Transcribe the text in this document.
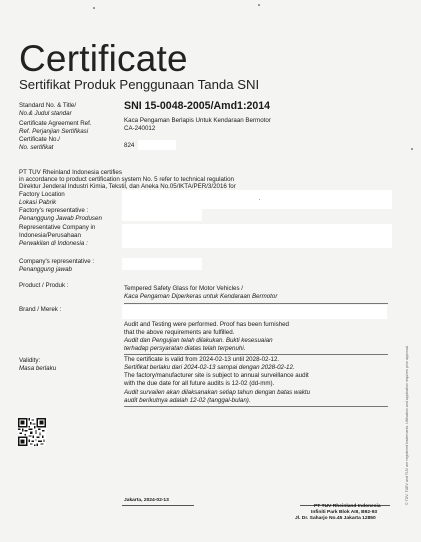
Certificate
Sertifikat Produk Penggunaan Tanda SNI
Standard No. & Title/
No.& Judul standar
SNI 15-0048-2005/Amd1:2014
Kaca Pengaman Berlapis Untuk Kendaraan Bermotor
Certificate Agreement Ref.
Ref. Perjanjian Sertifikasi	CA-240012
Certificate No./
No. sertifikat	824
PT TUV Rheinland Indonesia certifies
in accordance to product certification system No. 5 refer to technical regulation
Direktur Jenderal Industri Kimia, Tekstil, dan Aneka No.05/IKTA/PER/3/2016 for
Factory Location
Lokasi Pabrik
Factory's representative :
Penanggung Jawab Produsen
Representative Company in
Indonesia/Perusahaan
Perwakilan di Indonesia :
Company's representative :
Penanggung jawab
Product / Produk :	Tempered Safety Glass for Motor Vehicles /
Kaca Pengaman Diperkeras untuk Kendaraan Bermotor
Brand / Merek :
Audit and Testing were performed. Proof has been furnished
that the above requirements are fulfilled.
Audit dan Pengujian telah dilakukan. Bukti kesesuaian
terhadap persyaratan diatas telah terpenuhi.
Validity:
Masa berlaku
The certificate is valid from 2024-02-13 until 2028-02-12.
Sertifikat berlaku dari 2024-02-13 sampai dengan 2028-02-12.
The factory/manufacturer site is subject to annual surveillance audit
with the due date for all future audits is 12-02 (dd-mm).
Audit survailen akan dilaksanakan setiap tahun dengan batas waktu
audit berikutnya adalah 12-02 (tanggal-bulan).
Jakarta, 2024-02-13
PT TUV Rheinland Indonesia
Infiniti Park Blok AIII, B92-93
Jl. Dr. Saharjo No.45 Jakarta 12850
© TÜV, TUEV and TUV are registered trademarks. Utilisation and application requires prior approval.
